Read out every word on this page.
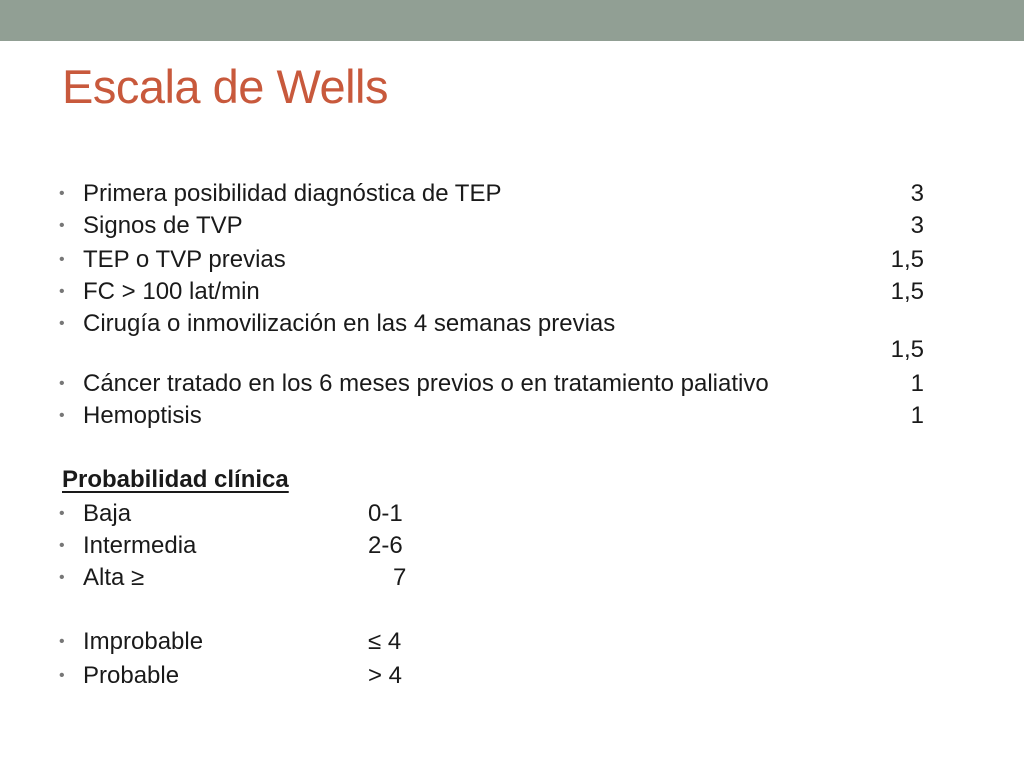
Escala de Wells
• Primera posibilidad diagnóstica de TEP	3
• Signos de TVP	3
• TEP o TVP previas	1,5
• FC > 100 lat/min	1,5
• Cirugía o inmovilización en las 4 semanas previas
1,5
• Cáncer tratado en los 6 meses previos o en tratamiento paliativo	1
• Hemoptisis	1
Probabilidad clínica
• Baja	0-1
• Intermedia	2-6
• Alta ≥	7
• Improbable	≤ 4
• Probable	> 4
